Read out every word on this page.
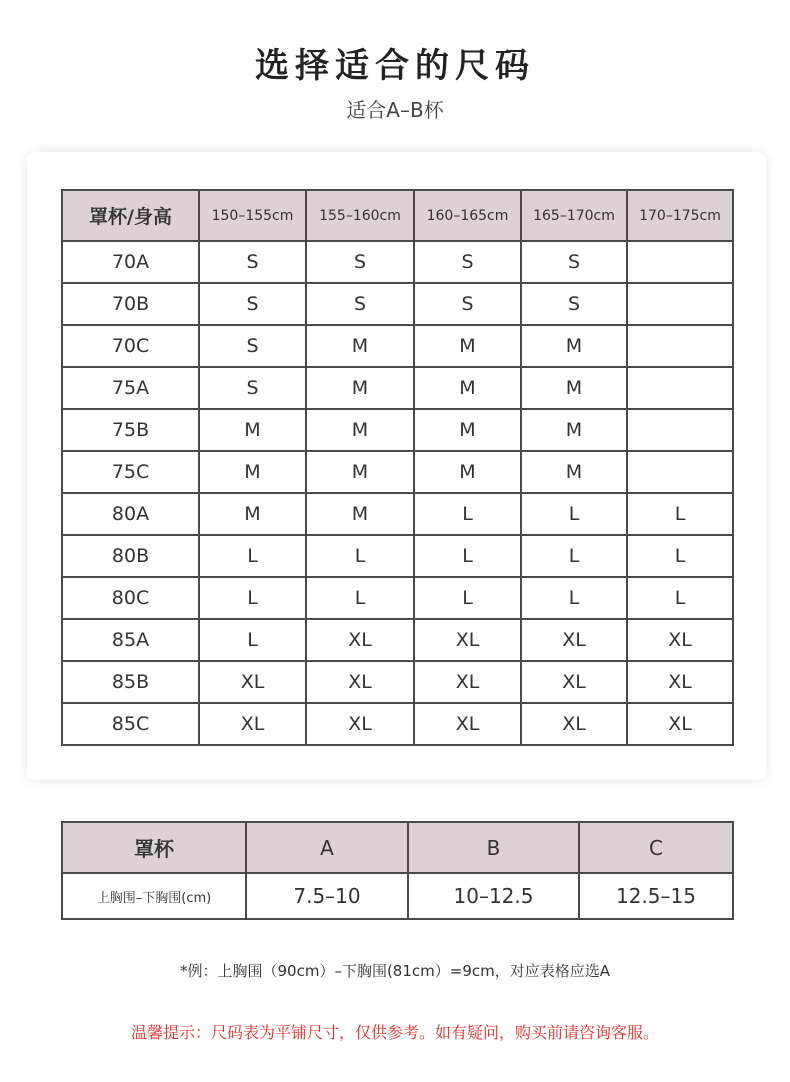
选择适合的尺码
适合A–B杯
罩杯/身高	150–155cm	155–160cm	160–165cm	165–170cm	170–175cm
70A	S	S	S	S	
70B	S	S	S	S	
70C	S	M	M	M	
75A	S	M	M	M	
75B	M	M	M	M	
75C	M	M	M	M	
80A	M	M	L	L	L
80B	L	L	L	L	L
80C	L	L	L	L	L
85A	L	XL	XL	XL	XL
85B	XL	XL	XL	XL	XL
85C	XL	XL	XL	XL	XL
罩杯	A	B	C
上胸围–下胸围(cm)	7.5–10	10–12.5	12.5–15
*例：上胸围（90cm）–下胸围(81cm）=9cm，对应表格应选A
温馨提示：尺码表为平铺尺寸，仅供参考。如有疑问，购买前请咨询客服。
